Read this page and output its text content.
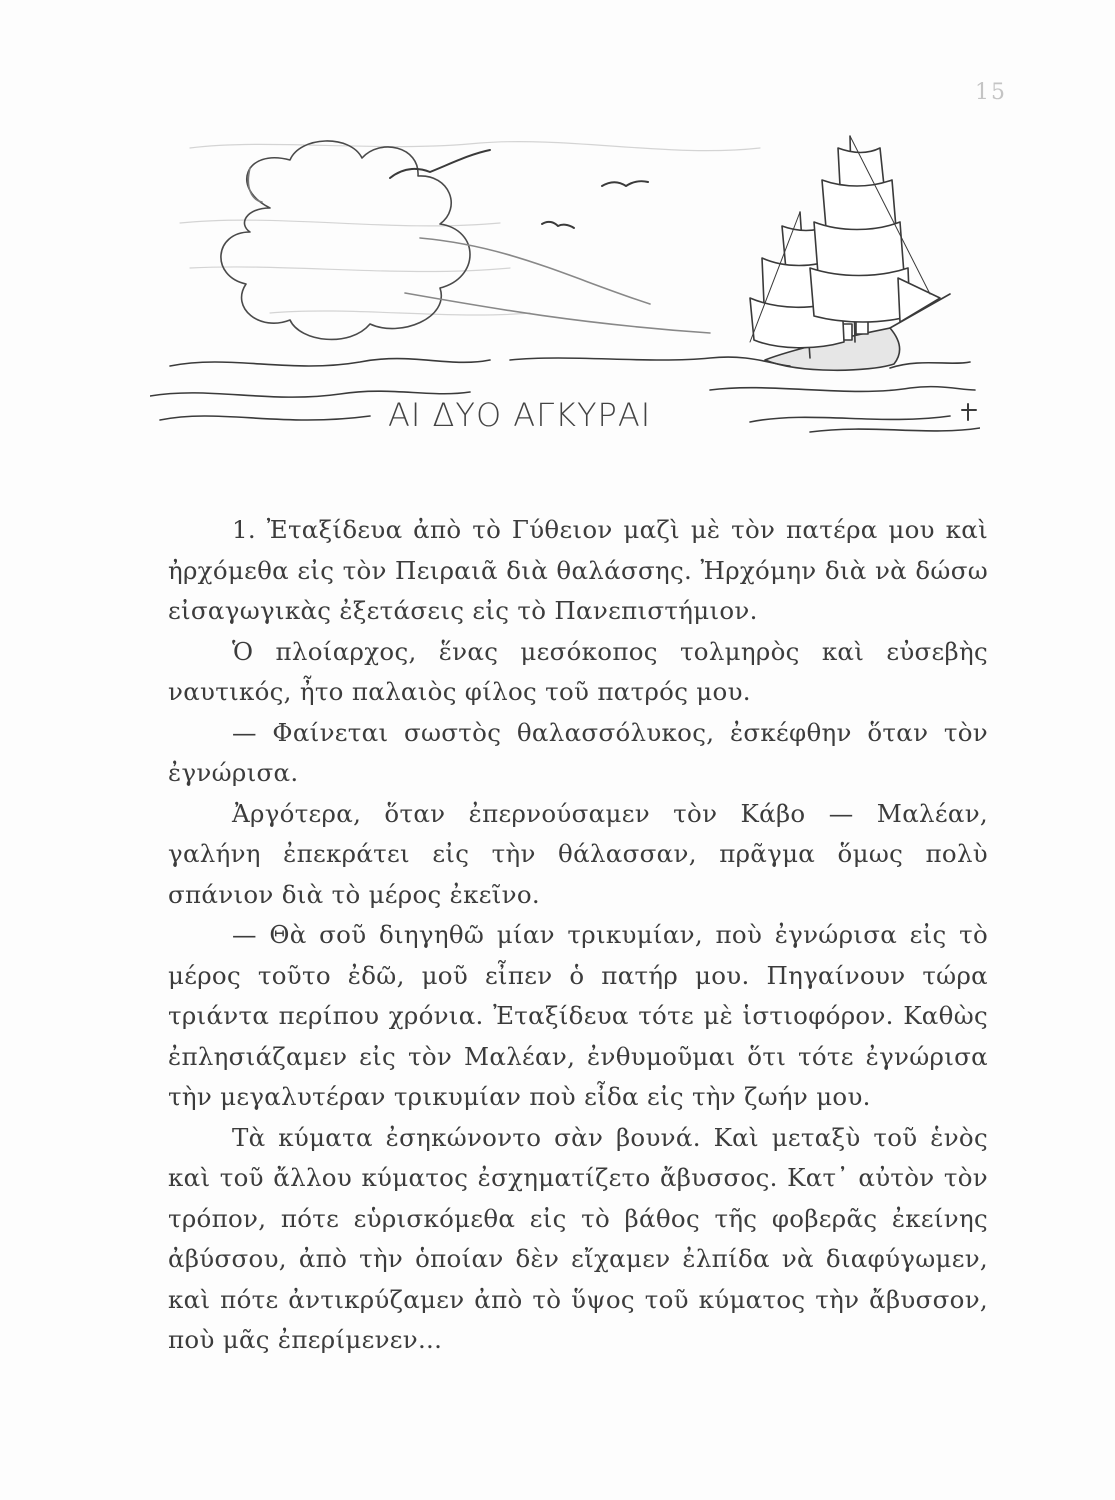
15
ΑΙ ΔΥΟ ΑΓΚΥΡΑΙ

1. Ἐταξίδευα ἀπὸ τὸ Γύθειον μαζὶ μὲ τὸν πατέρα μου καὶ ἠρχόμεθα εἰς τὸν Πειραιᾶ διὰ θαλάσσης. Ἠρχόμην διὰ νὰ δώσω εἰσαγωγικὰς ἐξετάσεις εἰς τὸ Πανεπιστήμιον.

Ὁ πλοίαρχος, ἕνας μεσόκοπος τολμηρὸς καὶ εὐσεβὴς ναυτικός, ἦτο παλαιὸς φίλος τοῦ πατρός μου.

— Φαίνεται σωστὸς θαλασσόλυκος, ἐσκέφθην ὅταν τὸν ἐγνώρισα.

Ἀργότερα, ὅταν ἐπερνούσαμεν τὸν Κάβο — Μαλέαν, γαλήνη ἐπεκράτει εἰς τὴν θάλασσαν, πρᾶγμα ὅμως πολὺ σπάνιον διὰ τὸ μέρος ἐκεῖνο.

— Θὰ σοῦ διηγηθῶ μίαν τρικυμίαν, ποὺ ἐγνώρισα εἰς τὸ μέρος τοῦτο ἐδῶ, μοῦ εἶπεν ὁ πατήρ μου. Πηγαίνουν τώρα τριάντα περίπου χρόνια. Ἐταξίδευα τότε μὲ ἱστιοφόρον. Καθὼς ἐπλησιάζαμεν εἰς τὸν Μαλέαν, ἐνθυμοῦμαι ὅτι τότε ἐγνώρισα τὴν μεγαλυτέραν τρικυμίαν ποὺ εἶδα εἰς τὴν ζωήν μου.

Τὰ κύματα ἐσηκώνοντο σὰν βουνά. Καὶ μεταξὺ τοῦ ἑνὸς καὶ τοῦ ἄλλου κύματος ἐσχηματίζετο ἄβυσσος. Κατ᾽ αὐτὸν τὸν τρόπον, πότε εὑρισκόμεθα εἰς τὸ βάθος τῆς φοβερᾶς ἐκείνης ἀβύσσου, ἀπὸ τὴν ὁποίαν δὲν εἴχαμεν ἐλπίδα νὰ διαφύγωμεν, καὶ πότε ἀντικρύζαμεν ἀπὸ τὸ ὕψος τοῦ κύματος τὴν ἄβυσσον, ποὺ μᾶς ἐπερίμενεν...
